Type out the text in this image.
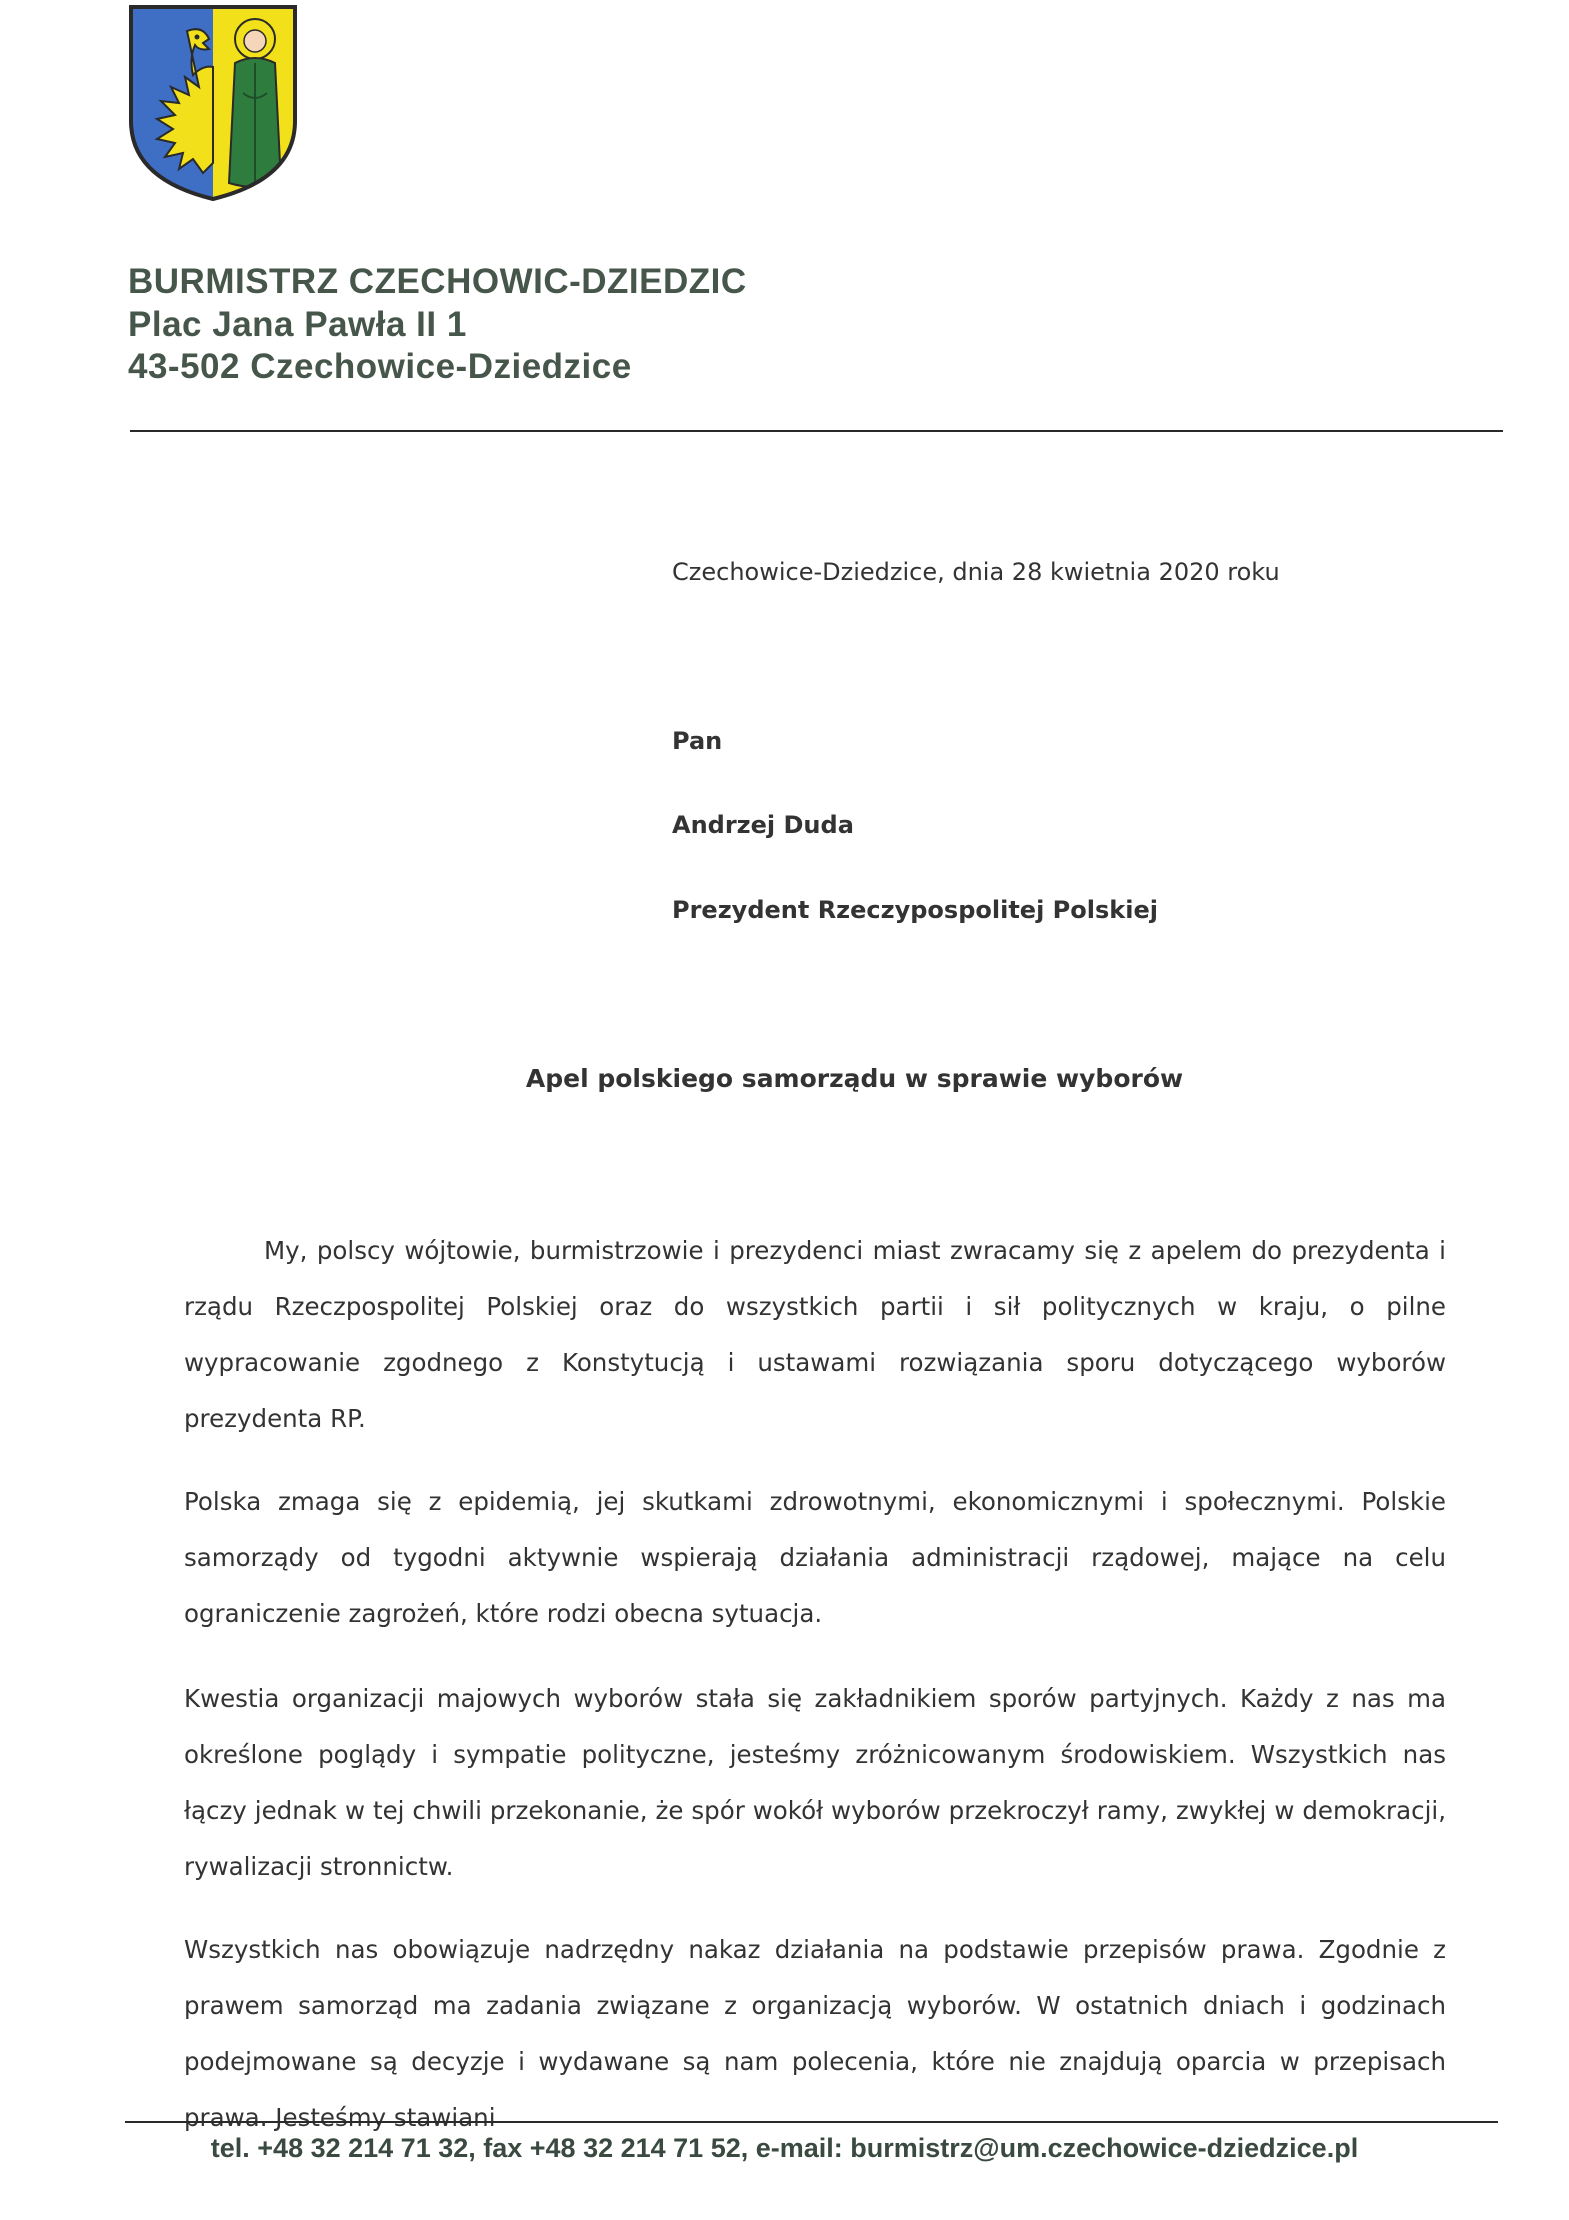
BURMISTRZ CZECHOWIC-DZIEDZIC
Plac Jana Pawła II 1
43-502 Czechowice-Dziedzice
Czechowice-Dziedzice, dnia 28 kwietnia 2020 roku
Pan
Andrzej Duda
Prezydent Rzeczypospolitej Polskiej
Apel polskiego samorządu w sprawie wyborów

My, polscy wójtowie, burmistrzowie i prezydenci miast zwracamy się z apelem do prezydenta i rządu Rzeczpospolitej Polskiej oraz do wszystkich partii i sił politycznych w kraju, o pilne wypracowanie zgodnego z Konstytucją i ustawami rozwiązania sporu dotyczącego wyborów prezydenta RP.

Polska zmaga się z epidemią, jej skutkami zdrowotnymi, ekonomicznymi i społecznymi. Polskie samorządy od tygodni aktywnie wspierają działania administracji rządowej, mające na celu ograniczenie zagrożeń, które rodzi obecna sytuacja.

Kwestia organizacji majowych wyborów stała się zakładnikiem sporów partyjnych. Każdy z nas ma określone poglądy i sympatie polityczne, jesteśmy zróżnicowanym środowiskiem. Wszystkich nas łączy jednak w tej chwili przekonanie, że spór wokół wyborów przekroczył ramy, zwykłej w demokracji, rywalizacji stronnictw.

Wszystkich nas obowiązuje nadrzędny nakaz działania na podstawie przepisów prawa. Zgodnie z prawem samorząd ma zadania związane z organizacją wyborów. W ostatnich dniach i godzinach podejmowane są decyzje i wydawane są nam polecenia, które nie znajdują oparcia w przepisach prawa. Jesteśmy stawiani

tel. +48 32 214 71 32, fax +48 32 214 71 52, e-mail: burmistrz@um.czechowice-dziedzice.pl
